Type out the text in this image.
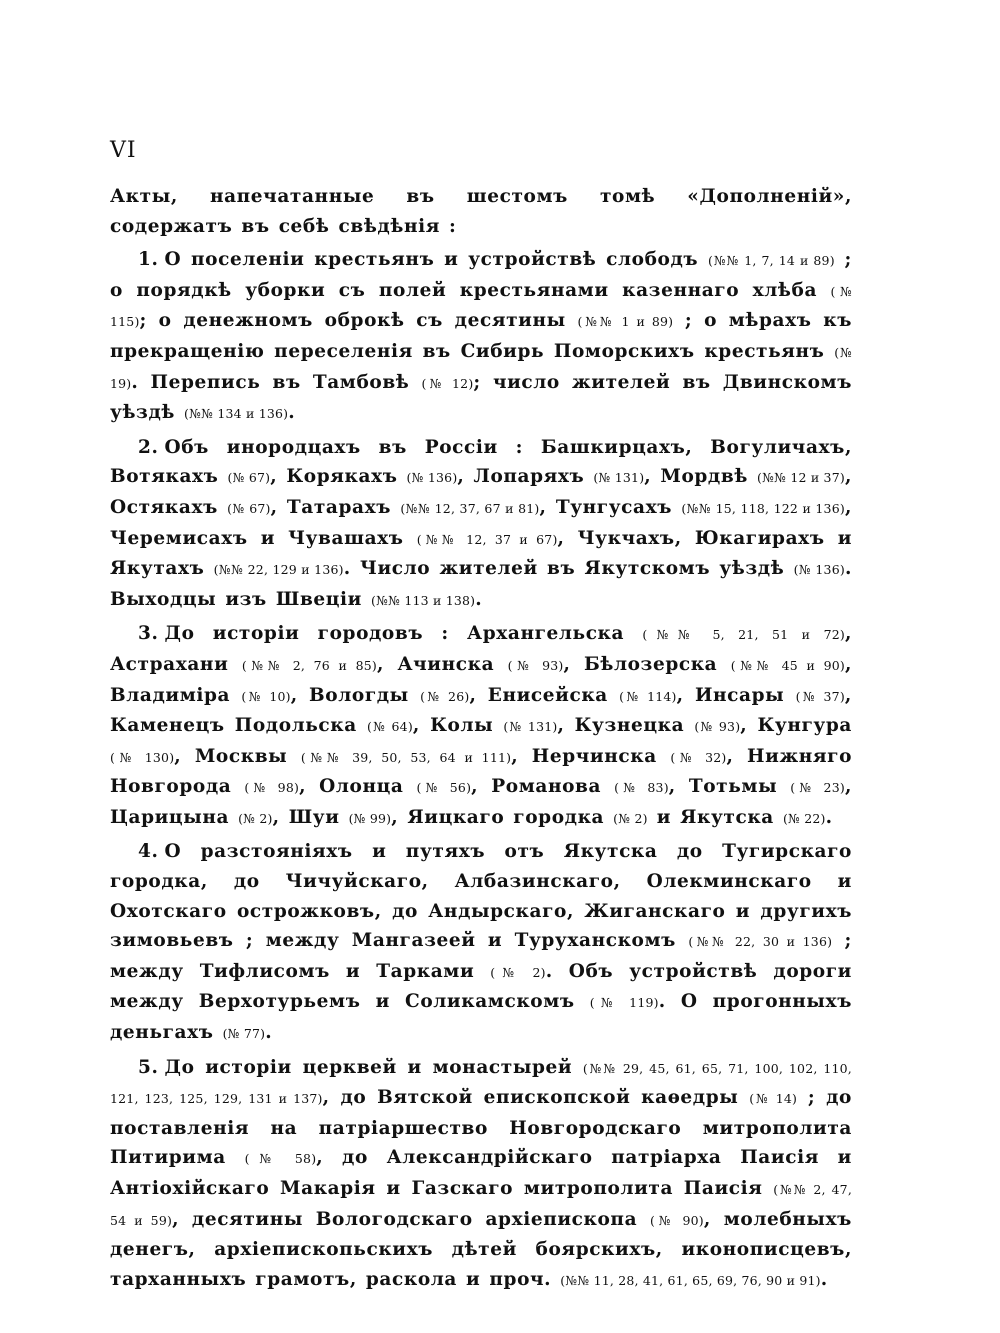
VI

Акты, напечатанные въ шестомъ томѣ «Дополненій», содержатъ въ себѣ свѣдѣнія :

1. О поселеніи крестьянъ и устройствѣ слободъ (№№ 1, 7, 14 и 89) ; о порядкѣ уборки съ полей крестьянами казеннаго хлѣба (№ 115); о денежномъ оброкѣ съ десятины (№№ 1 и 89) ; о мѣрахъ къ прекращенію переселенія въ Сибирь Поморскихъ крестьянъ (№ 19). Перепись въ Тамбовѣ (№ 12); число жителей въ Двинскомъ уѣздѣ (№№ 134 и 136).

2. Объ инородцахъ въ Россіи : Башкирцахъ, Вогуличахъ, Вотякахъ (№ 67), Корякахъ (№ 136), Лопаряхъ (№ 131), Мордвѣ (№№ 12 и 37), Остякахъ (№ 67), Татарахъ (№№ 12, 37, 67 и 81), Тунгусахъ (№№ 15, 118, 122 и 136), Черемисахъ и Чувашахъ (№№ 12, 37 и 67), Чукчахъ, Юкагирахъ и Якутахъ (№№ 22, 129 и 136). Число жителей въ Якутскомъ уѣздѣ (№ 136). Выходцы изъ Швеціи (№№ 113 и 138).

3. До исторіи городовъ : Архангельска (№№ 5, 21, 51 и 72), Астрахани (№№ 2, 76 и 85), Ачинска (№ 93), Бѣлозерска (№№ 45 и 90), Владиміра (№ 10), Вологды (№ 26), Енисейска (№ 114), Инсары (№ 37), Каменецъ Подольска (№ 64), Колы (№ 131), Кузнецка (№ 93), Кунгура (№ 130), Москвы (№№ 39, 50, 53, 64 и 111), Нерчинска (№ 32), Нижняго Новгорода (№ 98), Олонца (№ 56), Романова (№ 83), Тотьмы (№ 23), Царицына (№ 2), Шуи (№ 99), Яицкаго городка (№ 2) и Якутска (№ 22).

4. О разстояніяхъ и путяхъ отъ Якутска до Тугирскаго городка, до Чичуйскаго, Албазинскаго, Олекминскаго и Охотскаго острожковъ, до Андырскаго, Жиганскаго и другихъ зимовьевъ ; между Мангазеей и Туруханскомъ (№№ 22, 30 и 136) ; между Тифлисомъ и Тарками (№ 2). Объ устройствѣ дороги между Верхотурьемъ и Соликамскомъ (№ 119). О прогонныхъ деньгахъ (№ 77).

5. До исторіи церквей и монастырей (№№ 29, 45, 61, 65, 71, 100, 102, 110, 121, 123, 125, 129, 131 и 137), до Вятской епископской каѳедры (№ 14) ; до поставленія на патріаршество Новгородскаго митрополита Питирима (№ 58), до Александрійскаго патріарха Паисія и Антіохійскаго Макарія и Газскаго митрополита Паисія (№№ 2, 47, 54 и 59), десятины Вологодскаго архіепископа (№ 90), молебныхъ денегъ, архіепископьскихъ дѣтей боярскихъ, иконописцевъ, тарханныхъ грамотъ, раскола и проч. (№№ 11, 28, 41, 61, 65, 69, 76, 90 и 91).
